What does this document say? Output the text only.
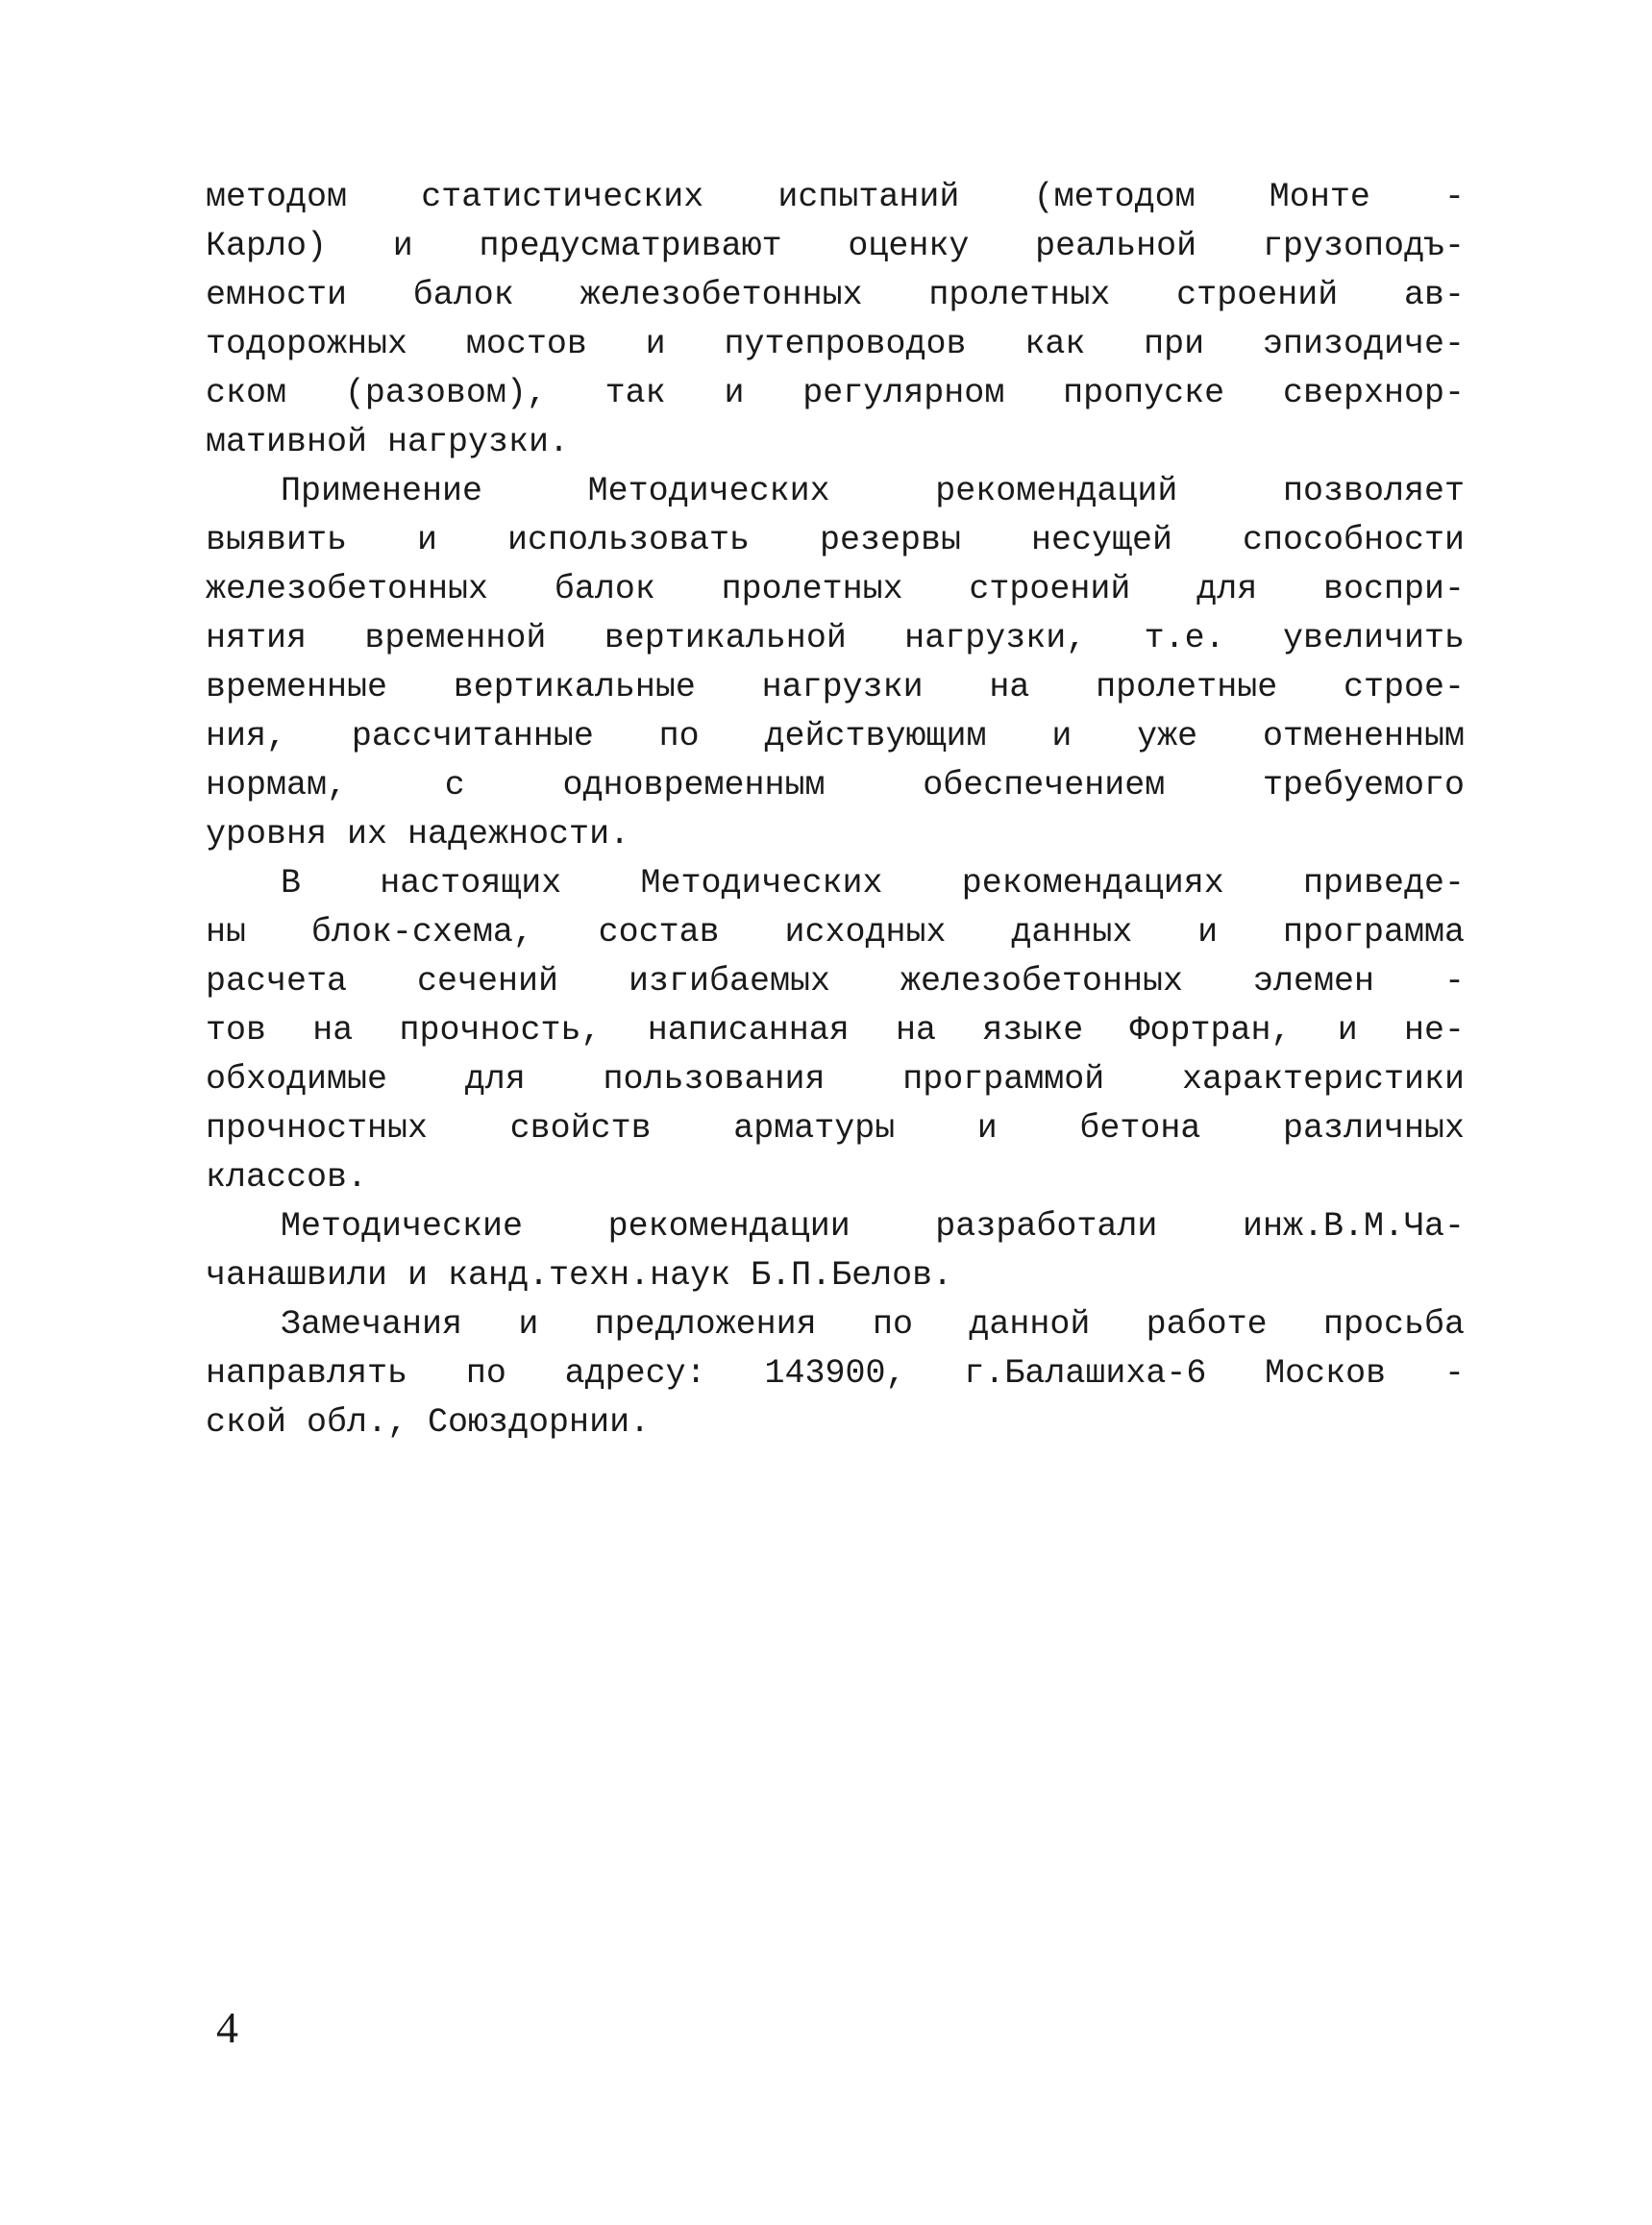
методом статистических испытаний (методом Монте -
Карло) и предусматривают оценку реальной грузоподъ-
емности балок железобетонных пролетных строений ав-
тодорожных мостов и путепроводов как при эпизодиче-
ском (разовом), так и регулярном пропуске сверхнор-
мативной нагрузки.
Применение Методических рекомендаций позволяет
выявить и использовать резервы несущей способности
железобетонных балок пролетных строений для воспри-
нятия временной вертикальной нагрузки, т.е. увеличить
временные вертикальные нагрузки на пролетные строе-
ния, рассчитанные по действующим и уже отмененным
нормам, с одновременным обеспечением требуемого
уровня их надежности.
В настоящих Методических рекомендациях приведе-
ны блок-схема, состав исходных данных и программа
расчета сечений изгибаемых железобетонных элемен -
тов на прочность, написанная на языке Фортран, и не-
обходимые для пользования программой характеристики
прочностных свойств арматуры и бетона различных
классов.
Методические рекомендации разработали инж.В.М.Ча-
чанашвили и канд.техн.наук Б.П.Белов.
Замечания и предложения по данной работе просьба
направлять по адресу: 143900, г.Балашиха-6 Москов -
ской обл., Союздорнии.
4
